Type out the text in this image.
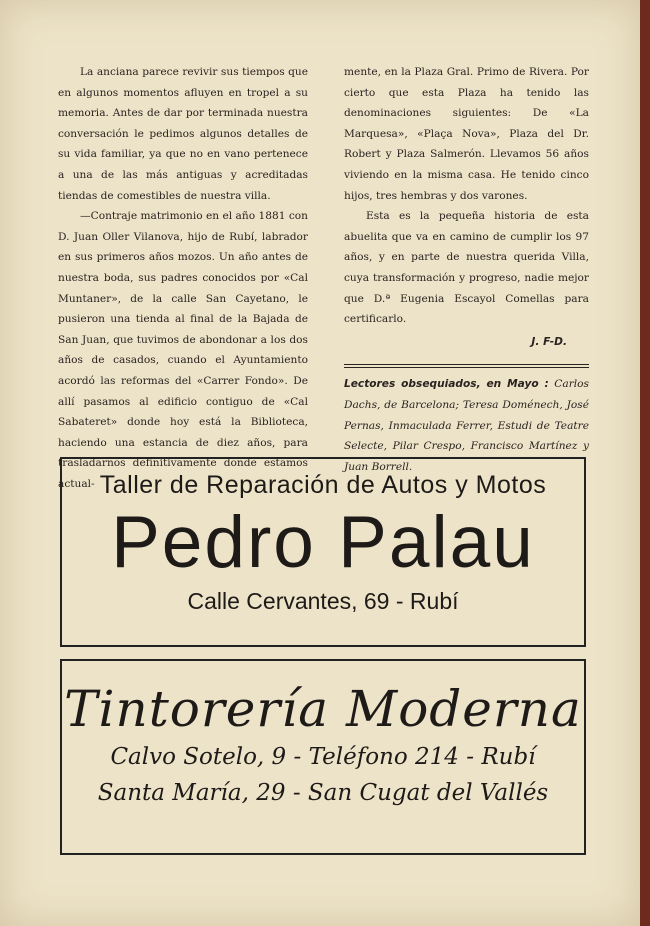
La anciana parece revivir sus tiempos que en algunos momentos afluyen en tropel a su memoria. Antes de dar por terminada nuestra conversación le pedimos algunos detalles de su vida familiar, ya que no en vano pertenece a una de las más antiguas y acreditadas tiendas de comestibles de nuestra villa.

—Contraje matrimonio en el año 1881 con D. Juan Oller Vilanova, hijo de Rubí, labrador en sus primeros años mozos. Un año antes de nuestra boda, sus padres conocidos por «Cal Muntaner», de la calle San Cayetano, le pusieron una tienda al final de la Bajada de San Juan, que tuvimos de abondonar a los dos años de casados, cuando el Ayuntamiento acordó las reformas del «Carrer Fondo». De allí pasamos al edificio contiguo de «Cal Sabateret» donde hoy está la Biblioteca, haciendo una estancia de diez años, para trasladarnos definitivamente donde estamos actual-

mente, en la Plaza Gral. Primo de Rivera. Por cierto que esta Plaza ha tenido las denominaciones siguientes: De «La Marquesa», «Plaça Nova», Plaza del Dr. Robert y Plaza Salmerón. Llevamos 56 años viviendo en la misma casa. He tenido cinco hijos, tres hembras y dos varones.

Esta es la pequeña historia de esta abuelita que va en camino de cumplir los 97 años, y en parte de nuestra querida Villa, cuya transformación y progreso, nadie mejor que D.ª Eugenia Escayol Comellas para certificarlo.

J. F-D.

Lectores obsequiados, en Mayo : Carlos Dachs, de Barcelona; Teresa Doménech, José Pernas, Inmaculada Ferrer, Estudi de Teatre Selecte, Pilar Crespo, Francisco Martínez y Juan Borrell.

Taller de Reparación de Autos y Motos
Pedro Palau
Calle Cervantes, 69 - Rubí
Tintorería Moderna
Calvo Sotelo, 9 - Teléfono 214 - Rubí
Santa María, 29 - San Cugat del Vallés
